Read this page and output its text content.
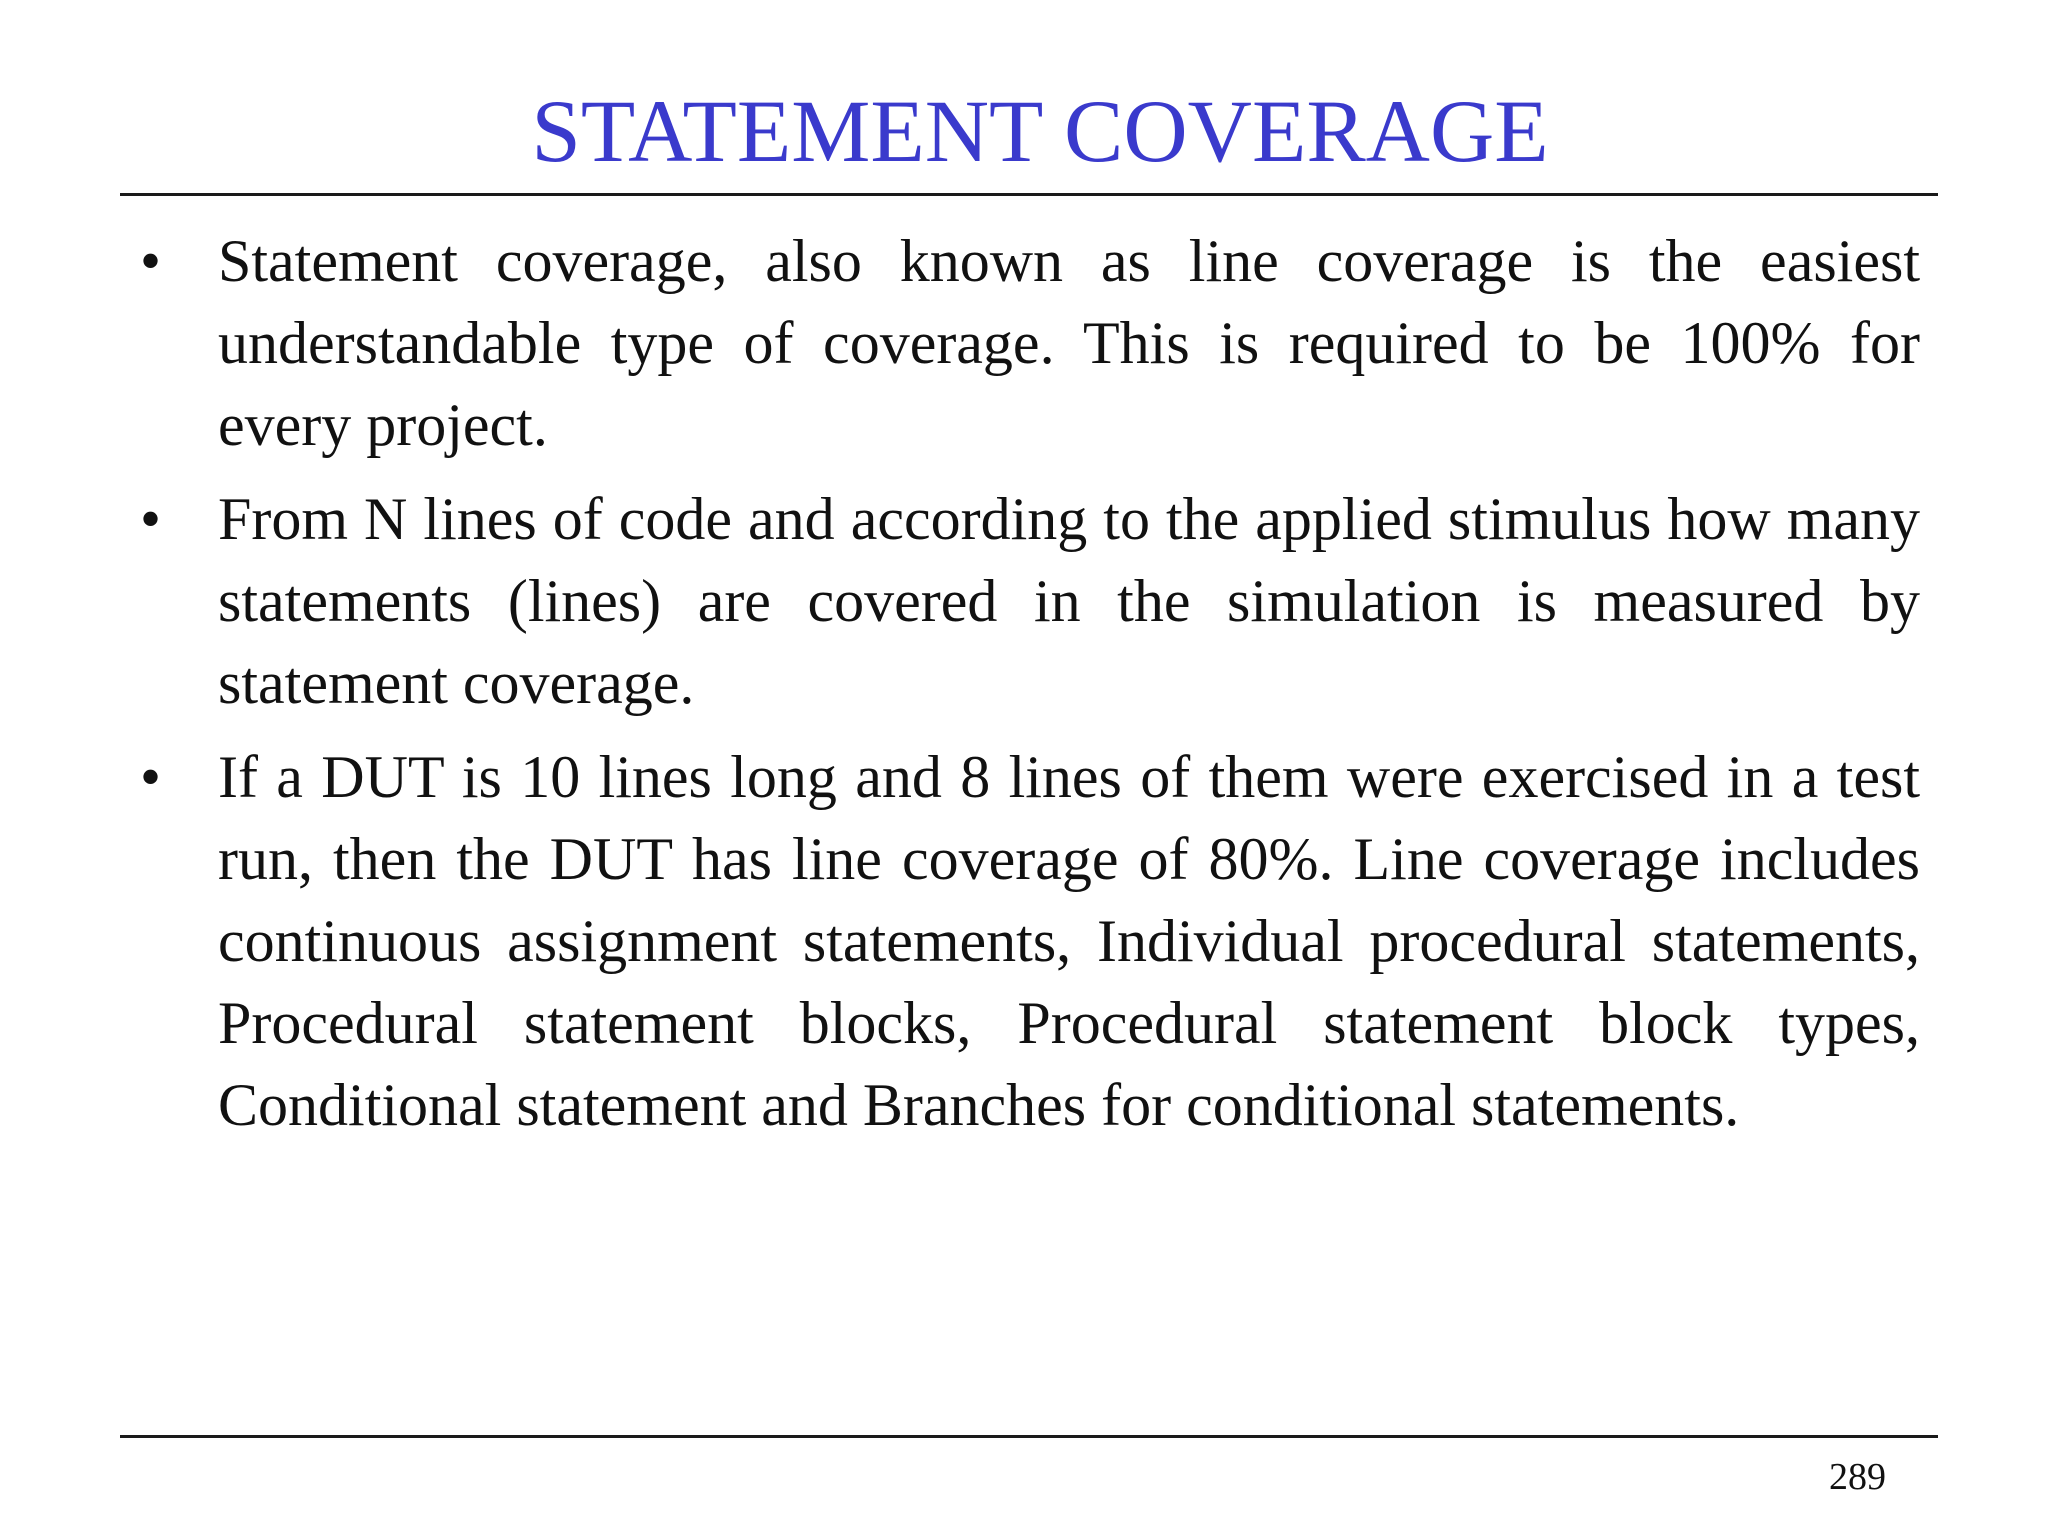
STATEMENT COVERAGE
• Statement coverage, also known as line coverage is the easiest understandable type of coverage. This is required to be 100% for every project.
• From N lines of code and according to the applied stimulus how many statements (lines) are covered in the simulation is measured by statement coverage.
• If a DUT is 10 lines long and 8 lines of them were exercised in a test run, then the DUT has line coverage of 80%. Line coverage includes continuous assignment statements, Individual procedural statements, Procedural statement blocks, Procedural statement block types, Conditional statement and Branches for conditional statements.
289
